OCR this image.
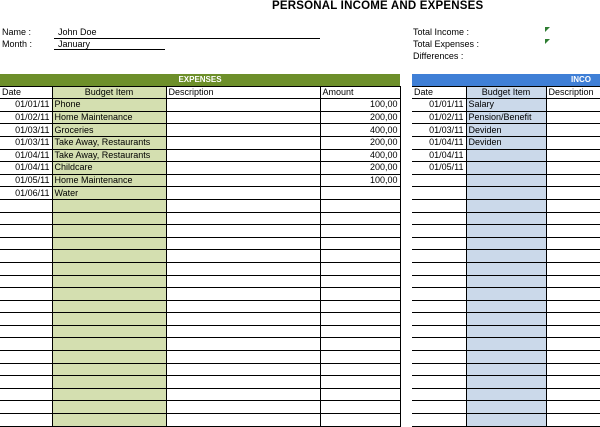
PERSONAL INCOME AND EXPENSES
Name :	John Doe
Month :	January
Total Income :
Total Expenses :
Differences :
EXPENSES			
Date	Budget Item	Description	Amount
01/01/11	Phone		100,00
01/02/11	Home Maintenance		200,00
01/03/11	Groceries		400,00
01/03/11	Take Away, Restaurants		200,00
01/04/11	Take Away, Restaurants		400,00
01/04/11	Childcare		200,00
01/05/11	Home Maintenance		100,00
01/06/11	Water		

INCO		
Date	Budget Item	Description
01/01/11	Salary	
01/02/11	Pension/Benefit	
01/03/11	Deviden	
01/04/11	Deviden	
01/04/11		
01/05/11		
